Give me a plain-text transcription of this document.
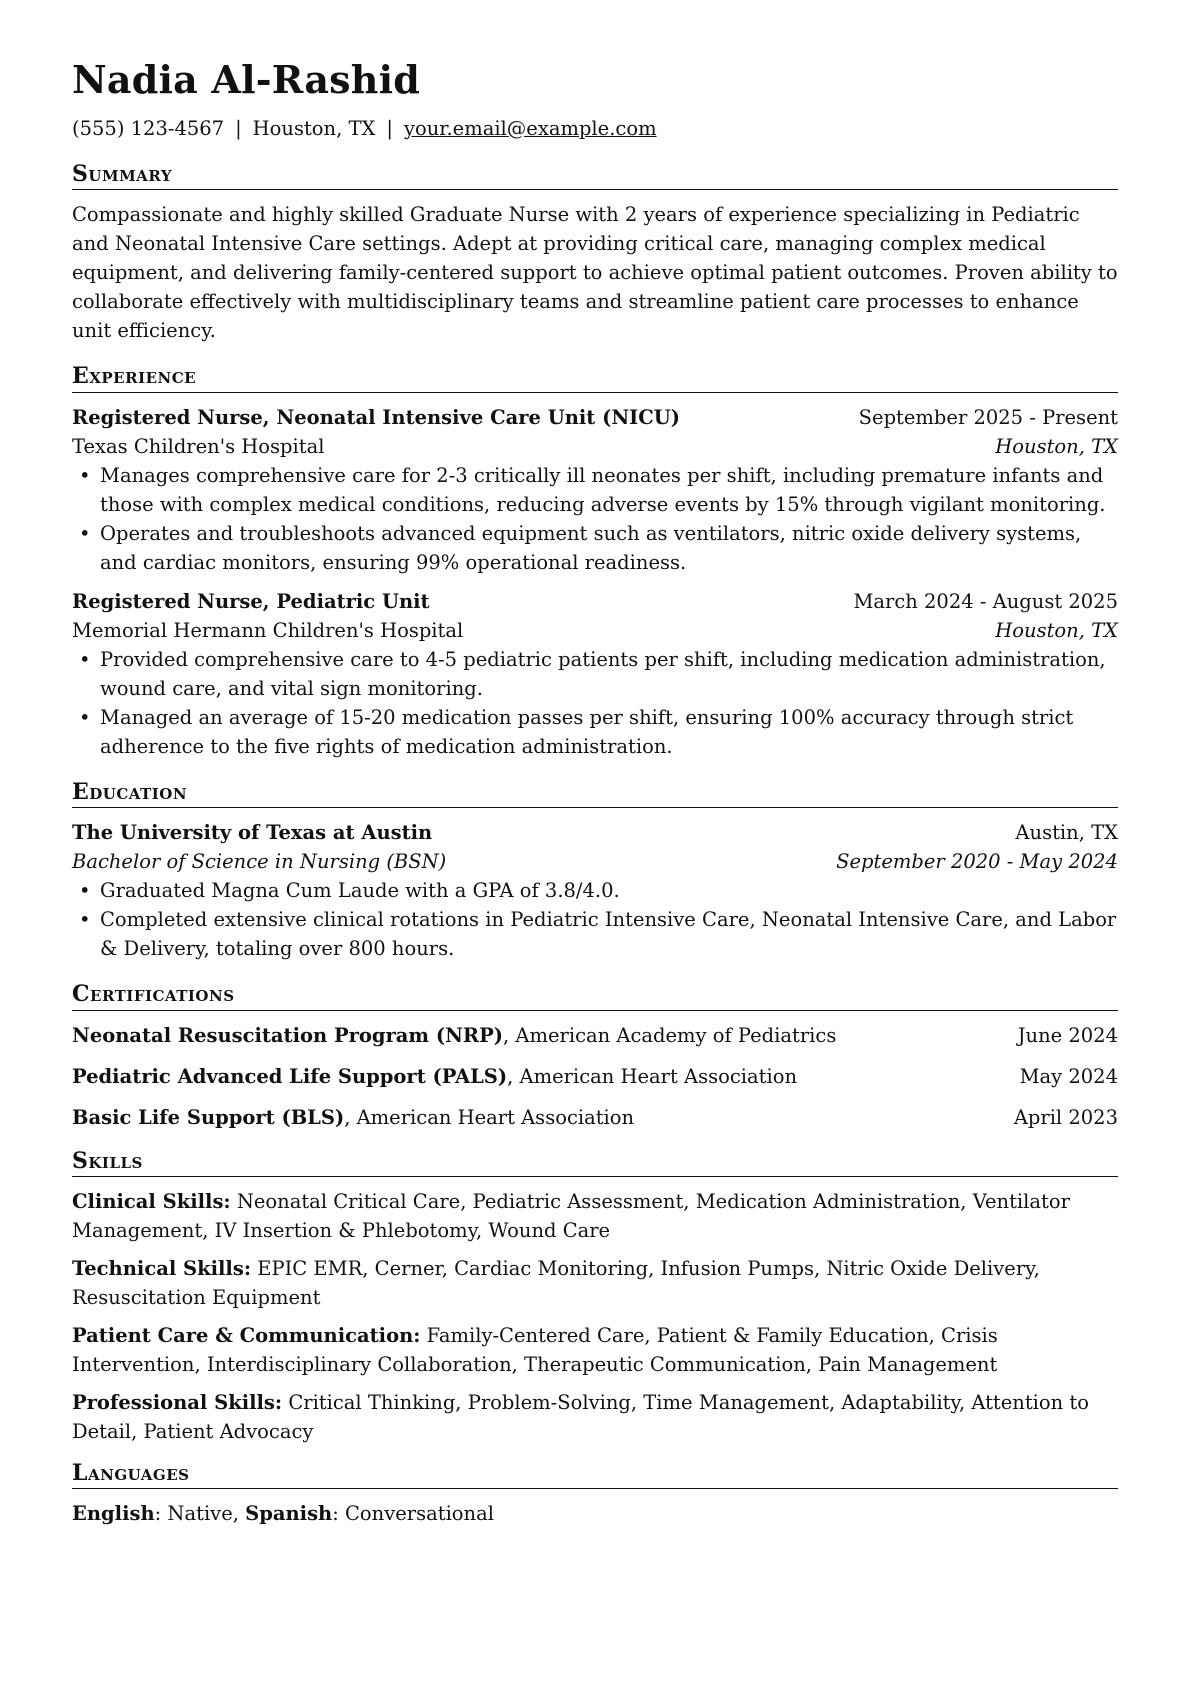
Nadia Al-Rashid
(555) 123-4567 | Houston, TX | your.email@example.com
Summary

Compassionate and highly skilled Graduate Nurse with 2 years of experience specializing in Pediatric and Neonatal Intensive Care settings. Adept at providing critical care, managing complex medical equipment, and delivering family-centered support to achieve optimal patient outcomes. Proven ability to collaborate effectively with multidisciplinary teams and streamline patient care processes to enhance unit efficiency.

Experience
Registered Nurse, Neonatal Intensive Care Unit (NICU)	September 2025 - Present
Texas Children's Hospital	Houston, TX
• Manages comprehensive care for 2-3 critically ill neonates per shift, including premature infants and those with complex medical conditions, reducing adverse events by 15% through vigilant monitoring.
• Operates and troubleshoots advanced equipment such as ventilators, nitric oxide delivery systems, and cardiac monitors, ensuring 99% operational readiness.
Registered Nurse, Pediatric Unit	March 2024 - August 2025
Memorial Hermann Children's Hospital	Houston, TX
• Provided comprehensive care to 4-5 pediatric patients per shift, including medication administration, wound care, and vital sign monitoring.
• Managed an average of 15-20 medication passes per shift, ensuring 100% accuracy through strict adherence to the five rights of medication administration.
Education
The University of Texas at Austin	Austin, TX
Bachelor of Science in Nursing (BSN)	September 2020 - May 2024
• Graduated Magna Cum Laude with a GPA of 3.8/4.0.
• Completed extensive clinical rotations in Pediatric Intensive Care, Neonatal Intensive Care, and Labor & Delivery, totaling over 800 hours.
Certifications
Neonatal Resuscitation Program (NRP), American Academy of Pediatrics	June 2024
Pediatric Advanced Life Support (PALS), American Heart Association	May 2024
Basic Life Support (BLS), American Heart Association	April 2023
Skills

Clinical Skills: Neonatal Critical Care, Pediatric Assessment, Medication Administration, Ventilator Management, IV Insertion & Phlebotomy, Wound Care

Technical Skills: EPIC EMR, Cerner, Cardiac Monitoring, Infusion Pumps, Nitric Oxide Delivery, Resuscitation Equipment

Patient Care & Communication: Family-Centered Care, Patient & Family Education, Crisis Intervention, Interdisciplinary Collaboration, Therapeutic Communication, Pain Management

Professional Skills: Critical Thinking, Problem-Solving, Time Management, Adaptability, Attention to Detail, Patient Advocacy

Languages

English: Native, Spanish: Conversational
